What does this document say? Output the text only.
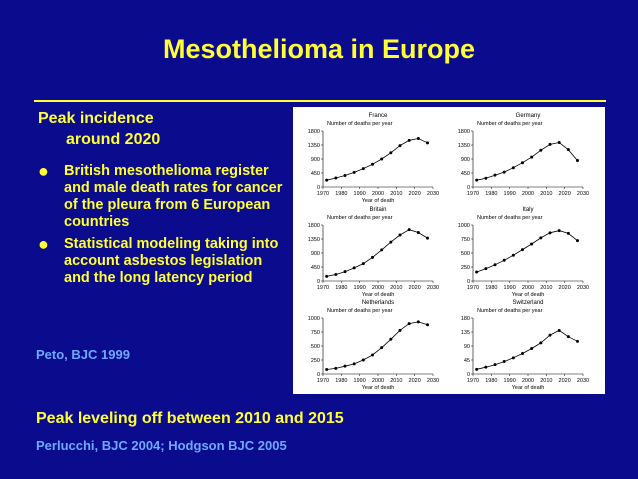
Mesothelioma in Europe
Peak incidence
around 2020
● British mesothelioma register and male death rates for cancer of the pleura from 6 European countries
● Statistical modeling taking into account asbestos legislation and the long latency period
Peto, BJC 1999
France
Number of deaths per year
0
450
900
1350
1800
1970 1980 1990 2000 2010 2020 2030
Year of death
Germany
Number of deaths per year
0
450
900
1350
1800
1970 1980 1990 2000 2010 2020 2030
Britain
Number of deaths per year
0
450
900
1350
1800
1970 1980 1990 2000 2010 2020 2030
Year of death
Italy
Number of deaths per year
0
250
500
750
1000
1970 1980 1990 2000 2010 2020 2030
Year of death
Netherlands
Number of deaths per year
0
250
500
750
1000
1970 1980 1990 2000 2010 2020 2030
Year of death
Switzerland
Number of deaths per year
0
45
90
135
180
1970 1980 1990 2000 2010 2020 2030
Year of death
Peak leveling off between 2010 and 2015
Perlucchi, BJC 2004; Hodgson BJC 2005
